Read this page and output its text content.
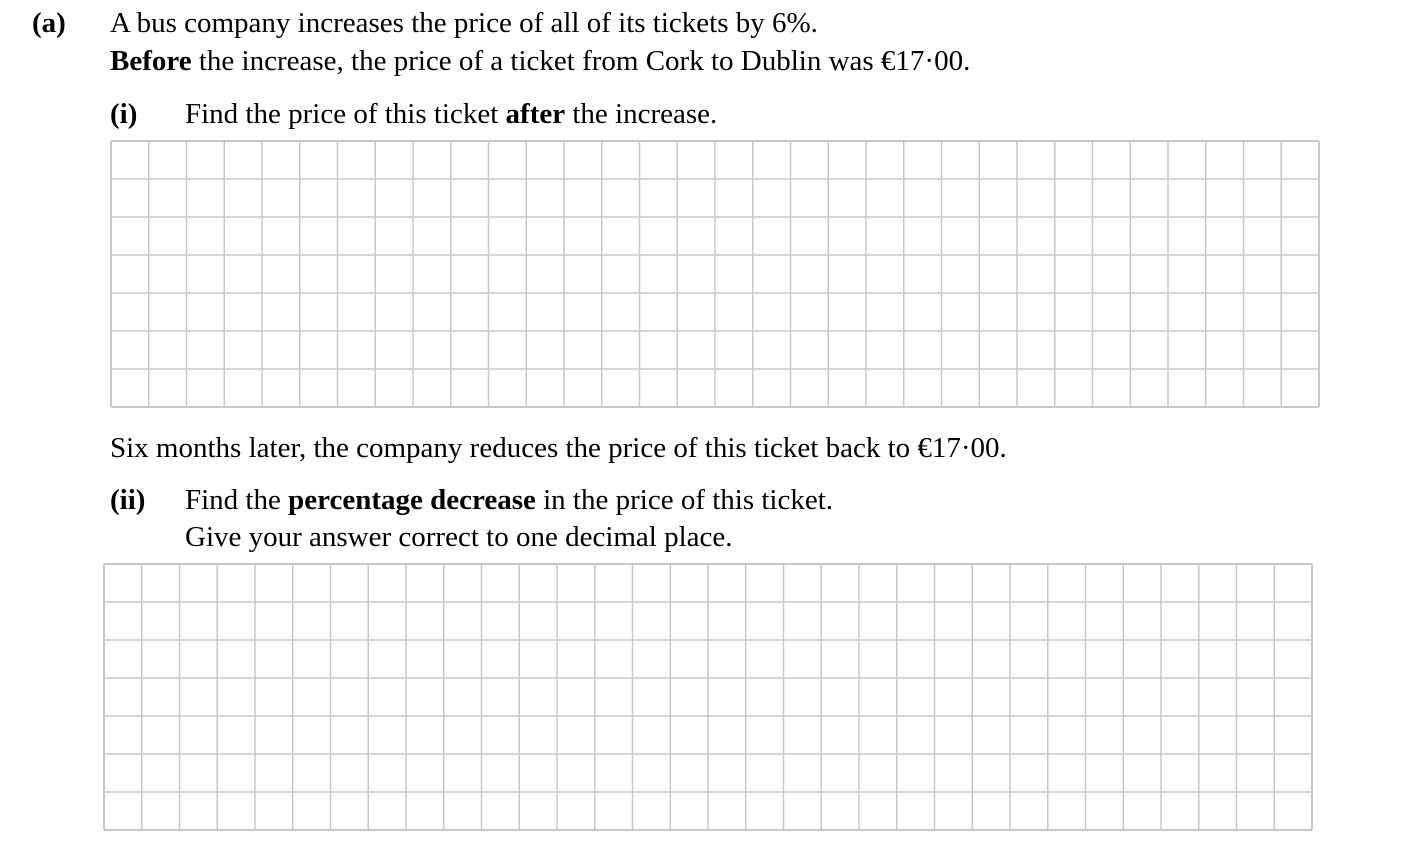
(a) A bus company increases the price of all of its tickets by 6%.
Before the increase, the price of a ticket from Cork to Dublin was €17·00.
(i) Find the price of this ticket after the increase.
Six months later, the company reduces the price of this ticket back to €17·00.
(ii) Find the percentage decrease in the price of this ticket.
Give your answer correct to one decimal place.
